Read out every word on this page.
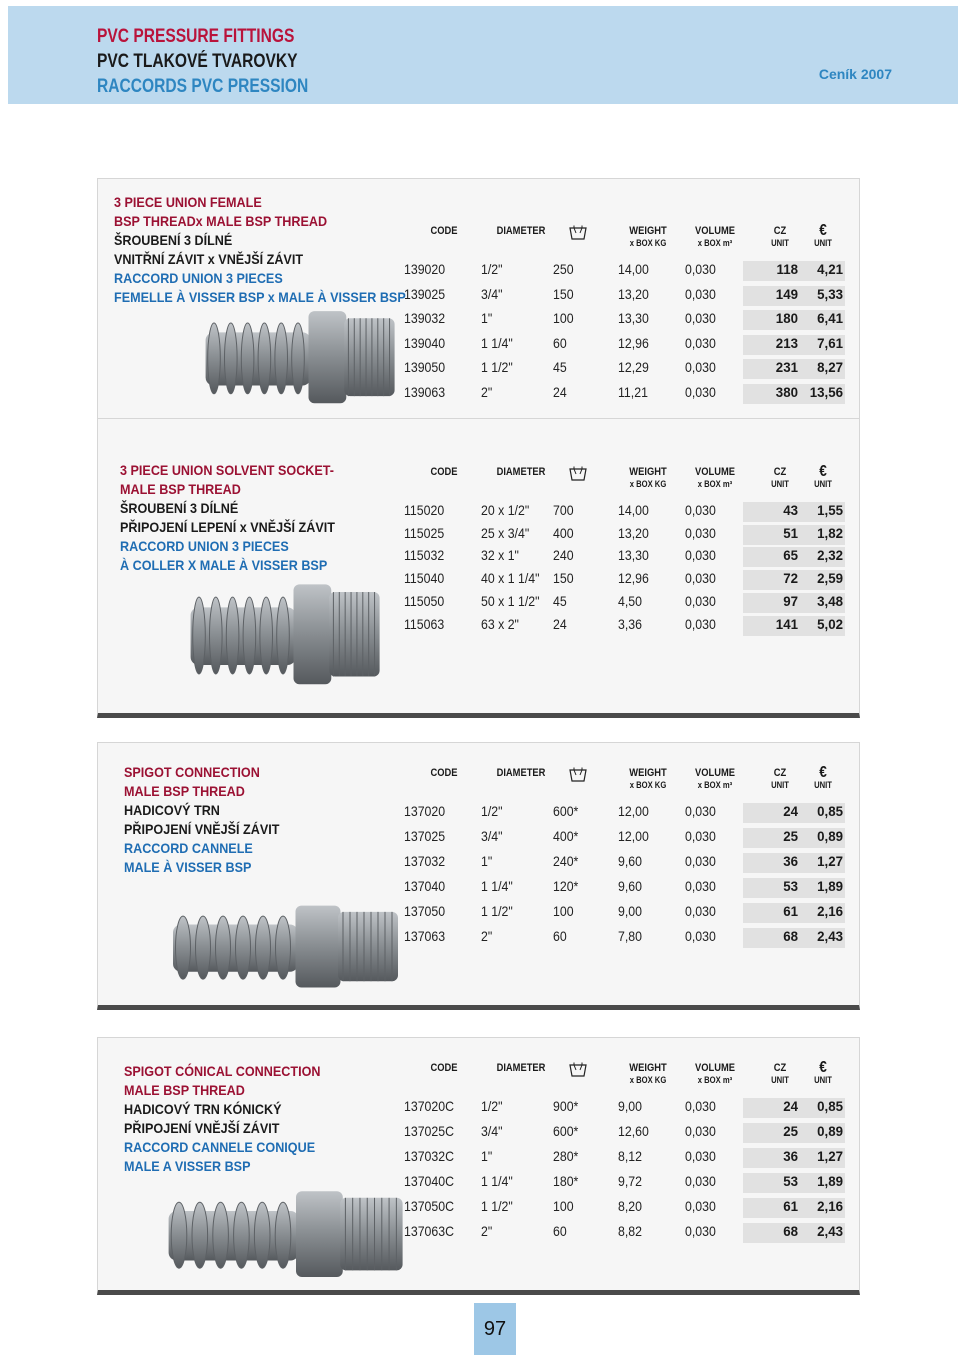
PVC PRESSURE FITTINGS
PVC TLAKOVÉ TVAROVKY
RACCORDS PVC PRESSION
Ceník 2007
3 PIECE UNION FEMALE
BSP THREADx MALE BSP THREAD
ŠROUBENÍ 3 DÍLNÉ
VNITŘNÍ ZÁVIT x VNĚJŠÍ ZÁVIT
RACCORD UNION 3 PIECES
FEMELLE À VISSER BSP x MALE À VISSER BSP
CODE	DIAMETER	WEIGHT
x BOX KG
VOLUME
x BOX m³
CZ
UNIT
€
UNIT
139020	1/2"	250	14,00	0,030	118	4,21
139025	3/4"	150	13,20	0,030	149	5,33
139032	1"	100	13,30	0,030	180	6,41
139040	1 1/4"	60	12,96	0,030	213	7,61
139050	1 1/2"	45	12,29	0,030	231	8,27
139063	2"	24	11,21	0,030	380 13,56
3 PIECE UNION SOLVENT SOCKET-
MALE BSP THREAD
ŠROUBENÍ 3 DÍLNÉ
PŘIPOJENÍ LEPENÍ x VNĚJŠÍ ZÁVIT
RACCORD UNION 3 PIECES
À COLLER X MALE À VISSER BSP
CODE	DIAMETER	WEIGHT
x BOX KG
VOLUME
x BOX m³
CZ
UNIT
€
UNIT
115020	20 x 1/2" 700	14,00	0,030	43	1,55
115025	25 x 3/4" 400	13,20	0,030	51	1,82
115032	32 x 1" 240	13,30	0,030	65	2,32
115040	40 x 1 1/4" 150	12,96	0,030	72	2,59
115050	50 x 1 1/2" 45	4,50	0,030	97	3,48
115063	63 x 2" 24	3,36	0,030	141	5,02
SPIGOT CONNECTION
MALE BSP THREAD
HADICOVÝ TRN
PŘIPOJENÍ VNĚJŠÍ ZÁVIT
RACCORD CANNELE
MALE À VISSER BSP
CODE	DIAMETER	WEIGHT
x BOX KG
VOLUME
x BOX m³
CZ
UNIT
€
UNIT
137020	1/2"	600*	12,00	0,030	24	0,85
137025	3/4"	400*	12,00	0,030	25	0,89
137032	1"	240*	9,60	0,030	36	1,27
137040	1 1/4"	120*	9,60	0,030	53	1,89
137050	1 1/2"	100	9,00	0,030	61	2,16
137063	2"	60	7,80	0,030	68	2,43
SPIGOT CÓNICAL CONNECTION
MALE BSP THREAD
HADICOVÝ TRN KÓNICKÝ
PŘIPOJENÍ VNĚJŠÍ ZÁVIT
RACCORD CANNELE CONIQUE
MALE A VISSER BSP
CODE	DIAMETER	WEIGHT
x BOX KG
VOLUME
x BOX m³
CZ
UNIT
€
UNIT
137020C 1/2"	900*	9,00	0,030	24	0,85
137025C 3/4"	600*	12,60	0,030	25	0,89
137032C 1"	280*	8,12	0,030	36	1,27
137040C 1 1/4"	180*	9,72	0,030	53	1,89
137050C 1 1/2"	100	8,20	0,030	61	2,16
137063C 2"	60	8,82	0,030	68	2,43
97
